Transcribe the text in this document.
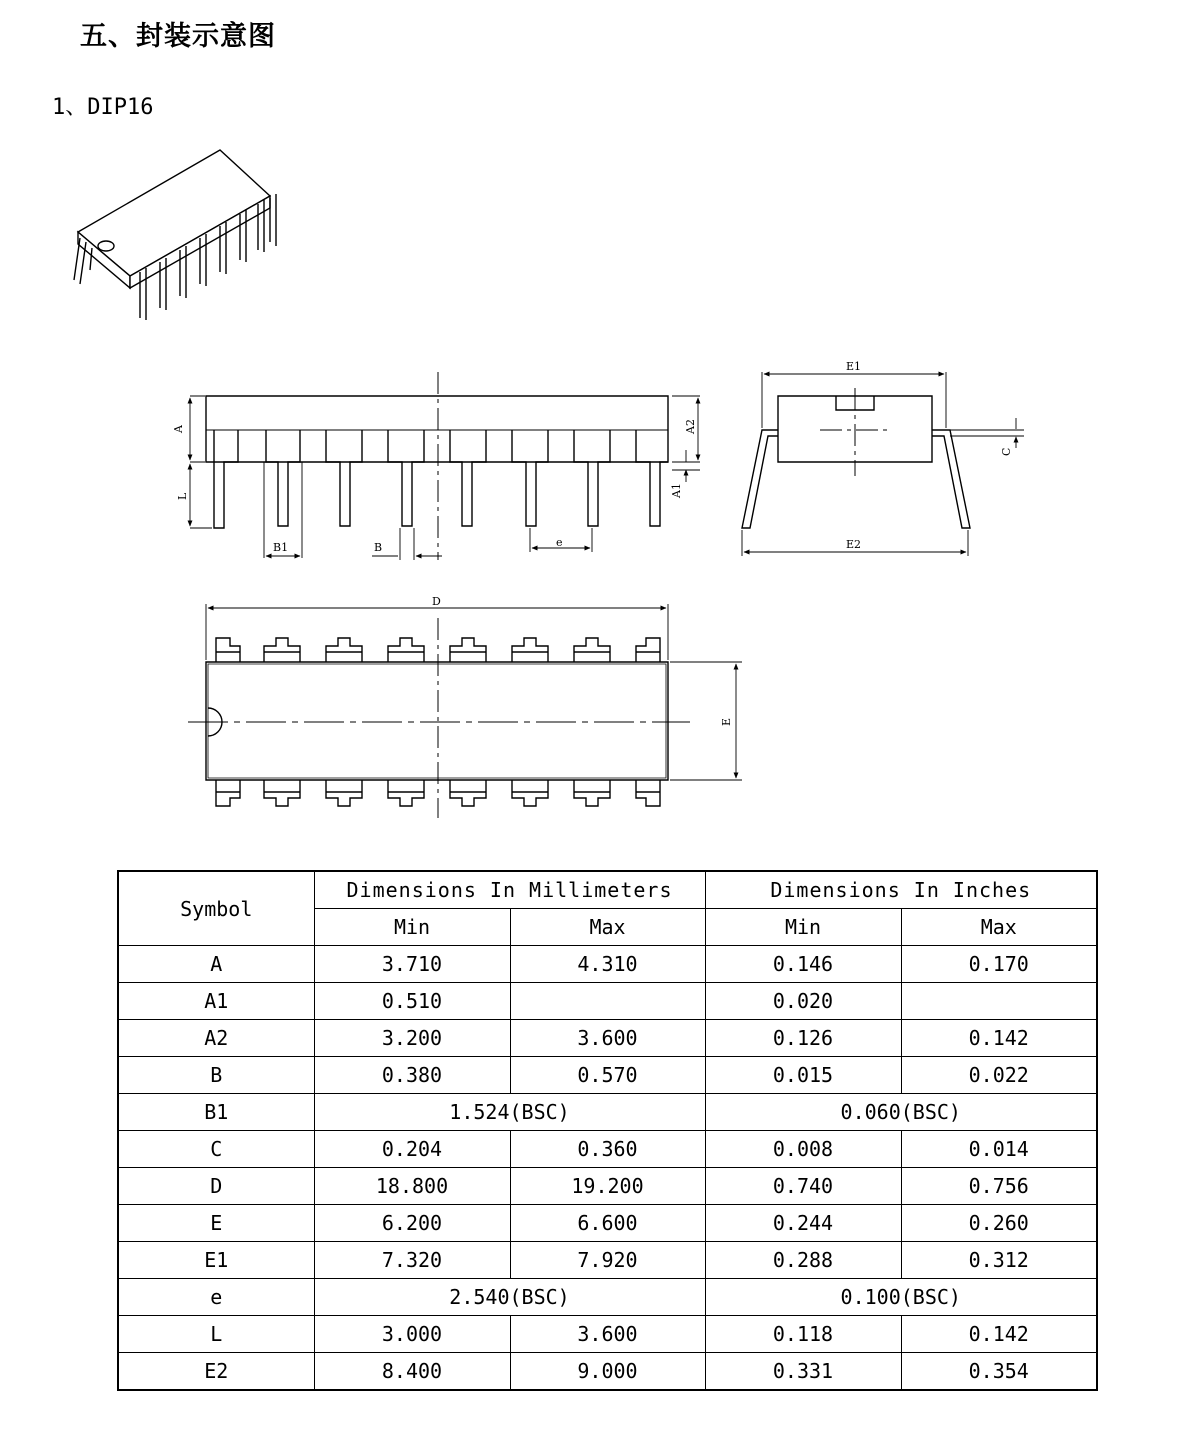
五、封装示意图
1、DIP16
A
L
A2
A1
B1	B	e
E1
E2
C
D
E
Symbol	Dimensions In Millimeters		Dimensions In Inches	
	Min	Max	Min	Max
A	3.710	4.310	0.146	0.170
A1	0.510		0.020	
A2	3.200	3.600	0.126	0.142
B	0.380	0.570	0.015	0.022
B1	1.524(BSC)		0.060(BSC)	
C	0.204	0.360	0.008	0.014
D	18.800	19.200	0.740	0.756
E	6.200	6.600	0.244	0.260
E1	7.320	7.920	0.288	0.312
e	2.540(BSC)		0.100(BSC)	
L	3.000	3.600	0.118	0.142
E2	8.400	9.000	0.331	0.354
